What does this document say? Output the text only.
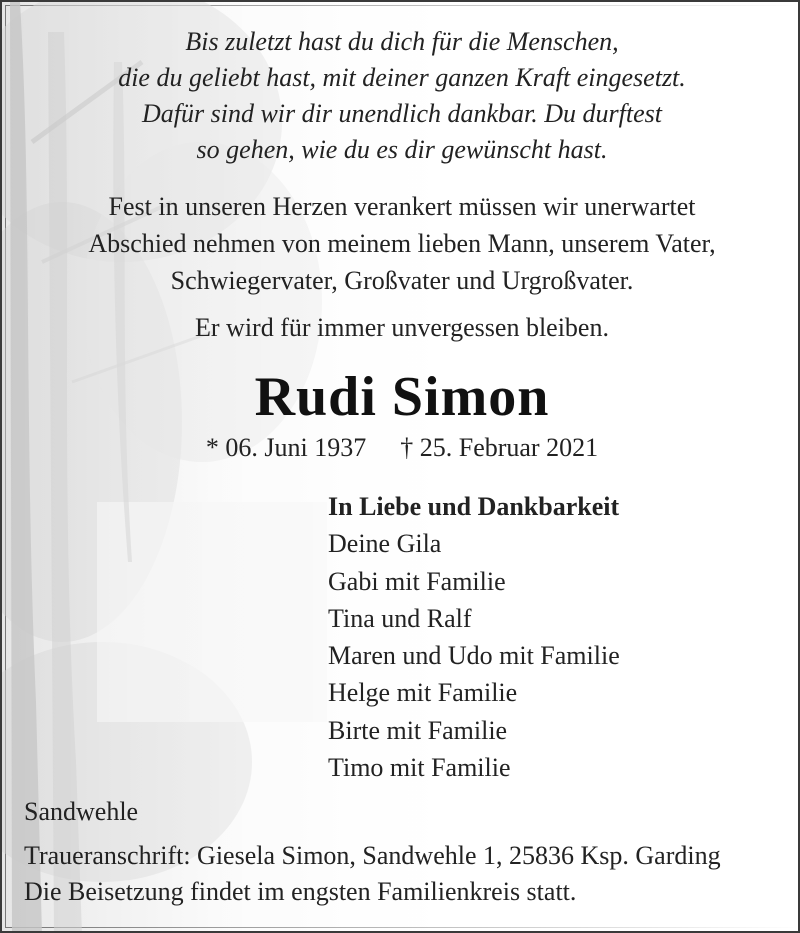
Bis zuletzt hast du dich für die Menschen,
die du geliebt hast, mit deiner ganzen Kraft eingesetzt.
Dafür sind wir dir unendlich dankbar. Du durftest
so gehen, wie du es dir gewünscht hast.
Fest in unseren Herzen verankert müssen wir unerwartet
Abschied nehmen von meinem lieben Mann, unserem Vater,
Schwiegervater, Großvater und Urgroßvater.
Er wird für immer unvergessen bleiben.
Rudi Simon
* 06. Juni 1937 † 25. Februar 2021
In Liebe und Dankbarkeit
Deine Gila
Gabi mit Familie
Tina und Ralf
Maren und Udo mit Familie
Helge mit Familie
Birte mit Familie
Timo mit Familie
Sandwehle
Traueranschrift: Giesela Simon, Sandwehle 1, 25836 Ksp. Garding
Die Beisetzung findet im engsten Familienkreis statt.
